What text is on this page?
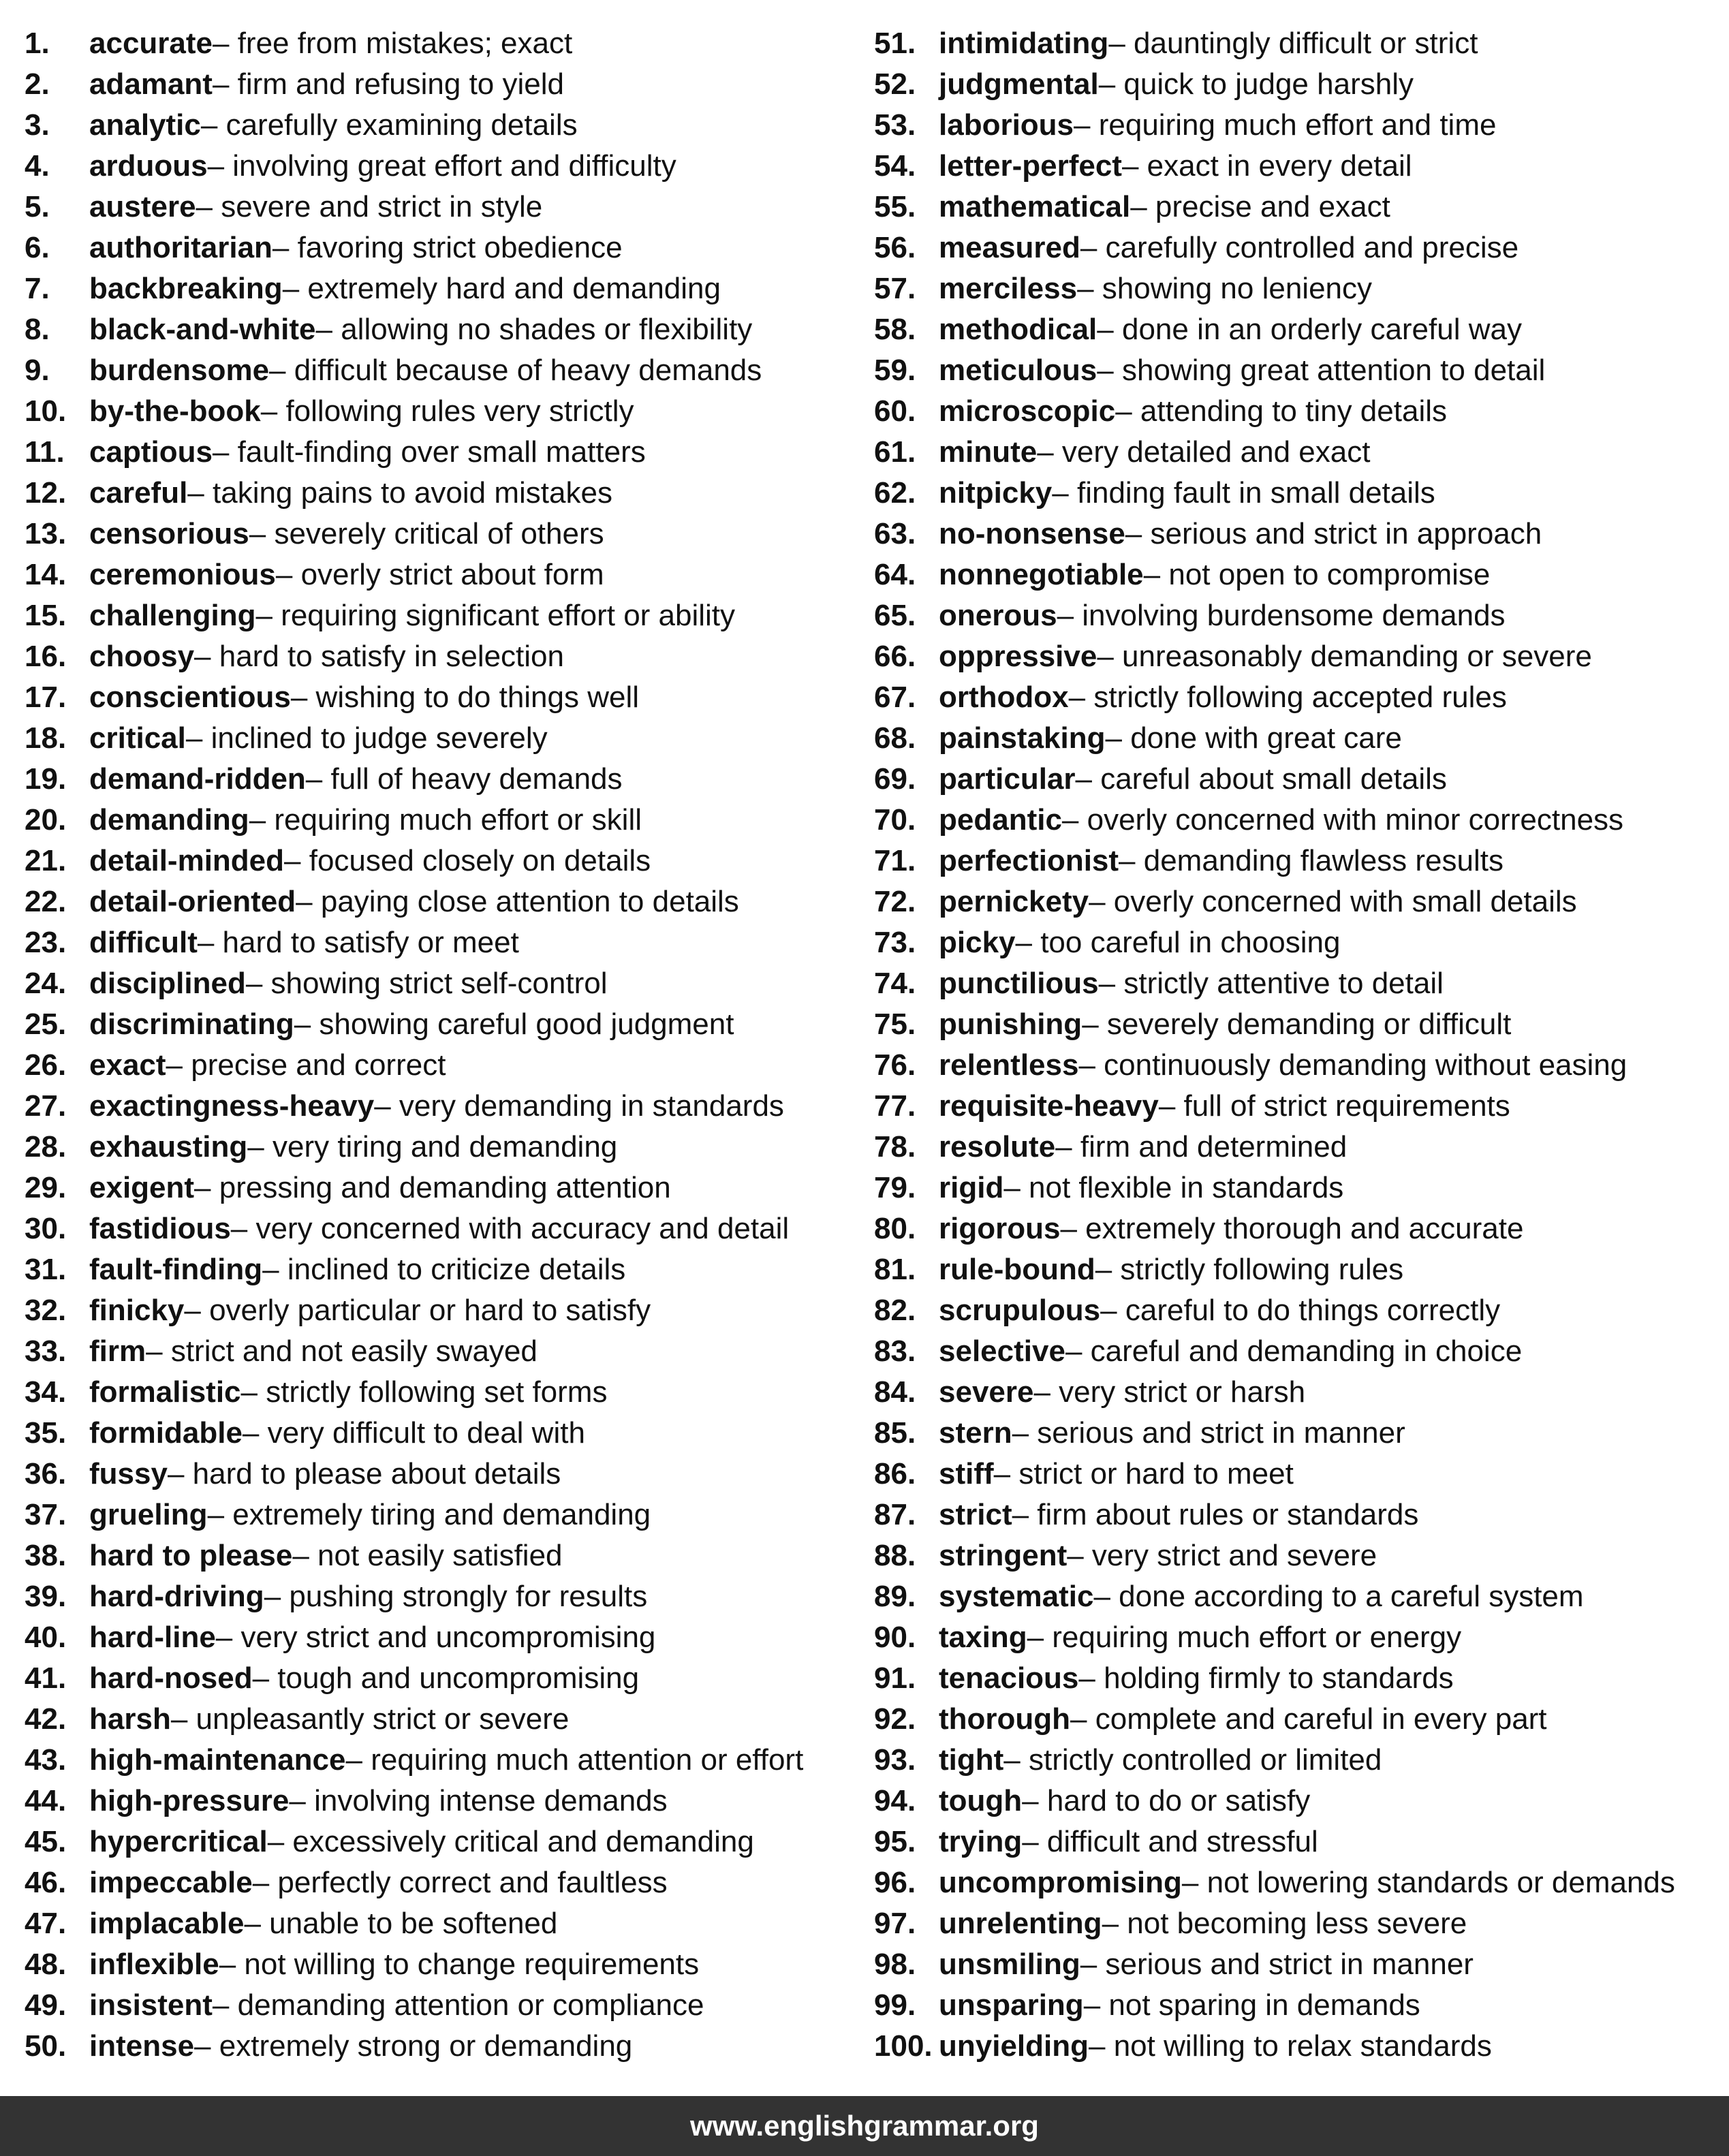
1.	accurate – free from mistakes; exact
2.	adamant – firm and refusing to yield
3.	analytic – carefully examining details
4.	arduous – involving great effort and difficulty
5.	austere – severe and strict in style
6.	authoritarian – favoring strict obedience
7.	backbreaking – extremely hard and demanding
8.	black-and-white – allowing no shades or flexibility
9.	burdensome – difficult because of heavy demands
10. by-the-book – following rules very strictly
11. captious – fault-finding over small matters
12. careful – taking pains to avoid mistakes
13. censorious – severely critical of others
14. ceremonious – overly strict about form
15. challenging – requiring significant effort or ability
16. choosy – hard to satisfy in selection
17. conscientious – wishing to do things well
18. critical – inclined to judge severely
19. demand-ridden – full of heavy demands
20. demanding – requiring much effort or skill
21. detail-minded – focused closely on details
22. detail-oriented – paying close attention to details
23. difficult – hard to satisfy or meet
24. disciplined – showing strict self-control
25. discriminating – showing careful good judgment
26. exact – precise and correct
27. exactingness-heavy – very demanding in standards
28. exhausting – very tiring and demanding
29. exigent – pressing and demanding attention
30. fastidious – very concerned with accuracy and detail
31. fault-finding – inclined to criticize details
32. finicky – overly particular or hard to satisfy
33. firm – strict and not easily swayed
34. formalistic – strictly following set forms
35. formidable – very difficult to deal with
36. fussy – hard to please about details
37. grueling – extremely tiring and demanding
38. hard to please – not easily satisfied
39. hard-driving – pushing strongly for results
40. hard-line – very strict and uncompromising
41. hard-nosed – tough and uncompromising
42. harsh – unpleasantly strict or severe
43. high-maintenance – requiring much attention or effort
44. high-pressure – involving intense demands
45. hypercritical – excessively critical and demanding
46. impeccable – perfectly correct and faultless
47. implacable – unable to be softened
48. inflexible – not willing to change requirements
49. insistent – demanding attention or compliance
50. intense – extremely strong or demanding
51. intimidating – dauntingly difficult or strict
52. judgmental – quick to judge harshly
53. laborious – requiring much effort and time
54. letter-perfect – exact in every detail
55. mathematical – precise and exact
56. measured – carefully controlled and precise
57. merciless – showing no leniency
58. methodical – done in an orderly careful way
59. meticulous – showing great attention to detail
60. microscopic – attending to tiny details
61. minute – very detailed and exact
62. nitpicky – finding fault in small details
63. no-nonsense – serious and strict in approach
64. nonnegotiable – not open to compromise
65. onerous – involving burdensome demands
66. oppressive – unreasonably demanding or severe
67. orthodox – strictly following accepted rules
68. painstaking – done with great care
69. particular – careful about small details
70. pedantic – overly concerned with minor correctness
71. perfectionist – demanding flawless results
72. pernickety – overly concerned with small details
73. picky – too careful in choosing
74. punctilious – strictly attentive to detail
75. punishing – severely demanding or difficult
76. relentless – continuously demanding without easing
77. requisite-heavy – full of strict requirements
78. resolute – firm and determined
79. rigid – not flexible in standards
80. rigorous – extremely thorough and accurate
81. rule-bound – strictly following rules
82. scrupulous – careful to do things correctly
83. selective – careful and demanding in choice
84. severe – very strict or harsh
85. stern – serious and strict in manner
86. stiff – strict or hard to meet
87. strict – firm about rules or standards
88. stringent – very strict and severe
89. systematic – done according to a careful system
90. taxing – requiring much effort or energy
91. tenacious – holding firmly to standards
92. thorough – complete and careful in every part
93. tight – strictly controlled or limited
94. tough – hard to do or satisfy
95. trying – difficult and stressful
96. uncompromising – not lowering standards or demands
97. unrelenting – not becoming less severe
98. unsmiling – serious and strict in manner
99. unsparing – not sparing in demands
100. unyielding – not willing to relax standards
www.englishgrammar.org
